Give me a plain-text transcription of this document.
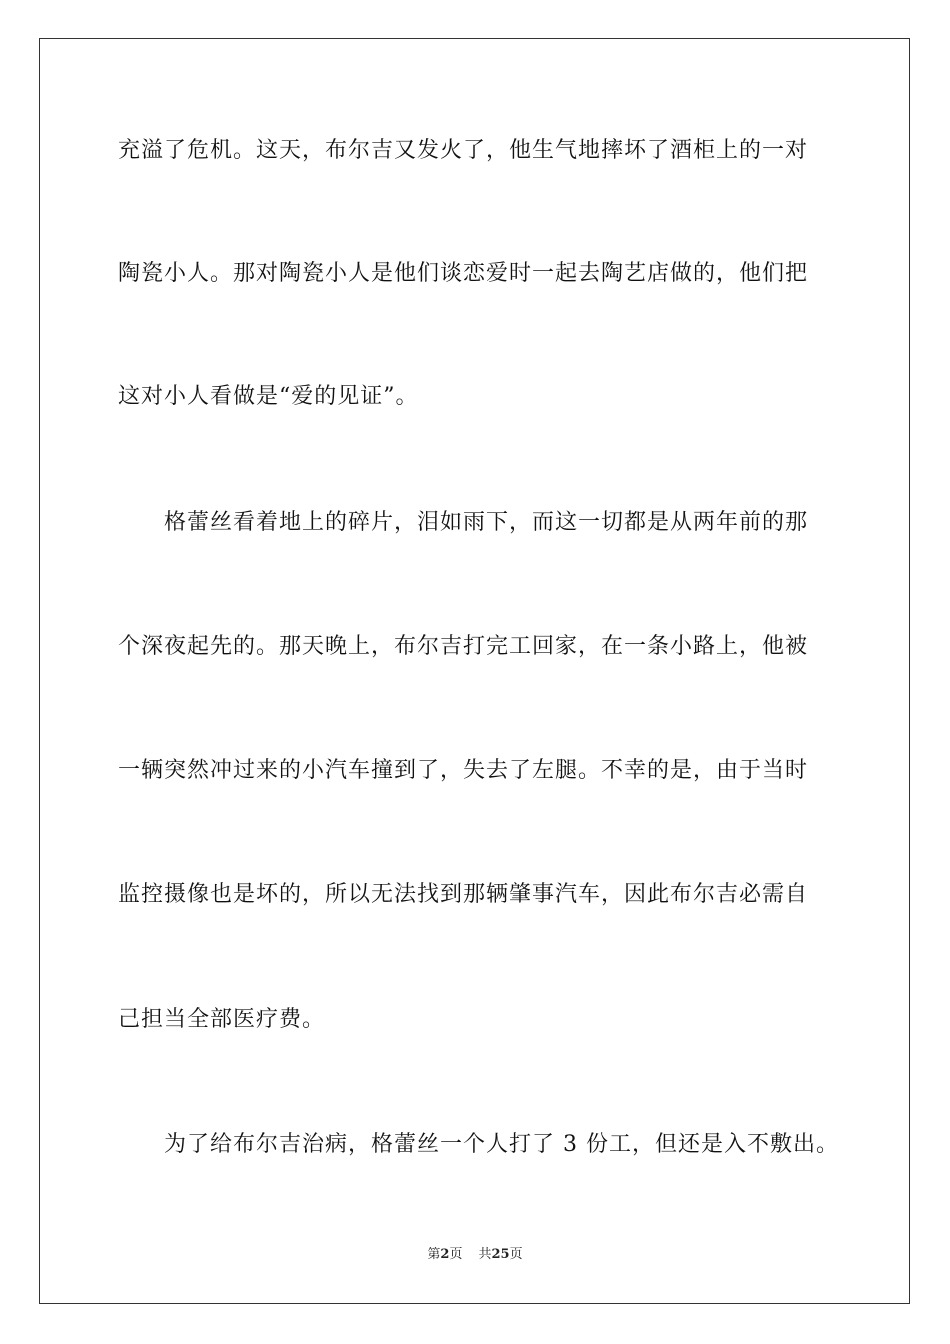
充溢了危机。这天，布尔吉又发火了，他生气地摔坏了酒柜上的一对
陶瓷小人。那对陶瓷小人是他们谈恋爱时一起去陶艺店做的，他们把
这对小人看做是“爱的见证”。
格蕾丝看着地上的碎片，泪如雨下，而这一切都是从两年前的那
个深夜起先的。那天晚上，布尔吉打完工回家，在一条小路上，他被
一辆突然冲过来的小汽车撞到了，失去了左腿。不幸的是，由于当时
监控摄像也是坏的，所以无法找到那辆肇事汽车，因此布尔吉必需自
己担当全部医疗费。
为了给布尔吉治病，格蕾丝一个人打了 3 份工，但还是入不敷出。
第2页 共25页
